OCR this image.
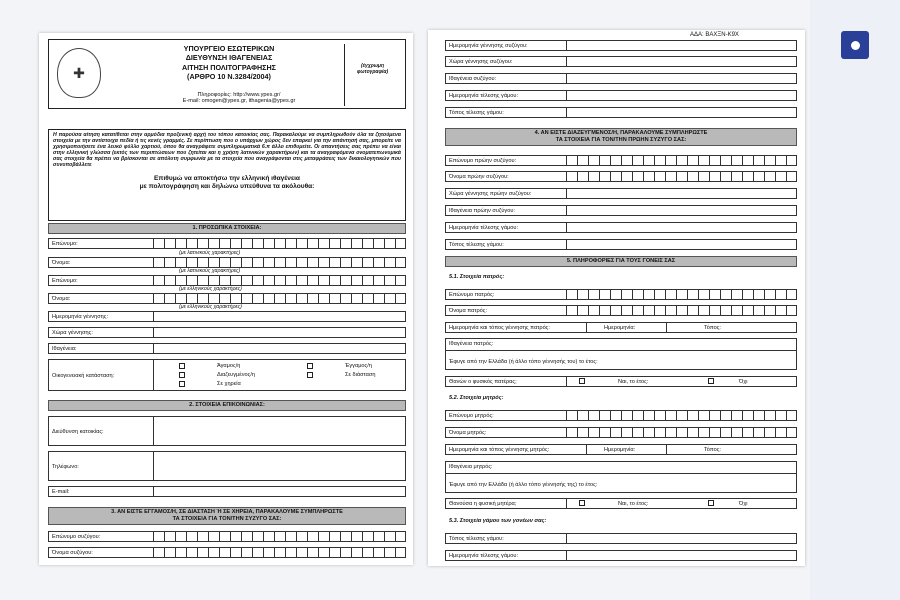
✚
ΥΠΟΥΡΓΕΙΟ ΕΣΩΤΕΡΙΚΩΝ
ΔΙΕΥΘΥΝΣΗ ΙΘΑΓΕΝΕΙΑΣ
ΑΙΤΗΣΗ ΠΟΛΙΤΟΓΡΑΦΗΣΗΣ
(ΑΡΘΡΟ 10 Ν.3284/2004)
(έγχρωμη φωτογραφία)
Πληροφορίες: http://www.ypes.gr/
E-mail: omogen@ypes.gr, ithagenia@ypes.gr
Η παρούσα αίτηση κατατίθεται στην αρμόδια προξενική αρχή του τόπου κατοικίας σας. Παρακαλούμε να συμπληρωθούν όλα τα ζητούμενα στοιχεία με την αντίστοιχα πεδία ή τις κενές γραμμές. Σε περίπτωση που ο υπάρχων χώρος δεν επαρκεί για την απάντησή σας, μπορείτε να χρησιμοποιήσετε ένα λευκό φύλλο χαρτιού, όπου θα αναγράφετε συμπληρωματικά 6.π άλλο επιθυμείτε. Οι απαντήσεις σας πρέπει να είναι στην ελληνική γλώσσα (εκτός των περιπτώσεων που ζητείται και η χρήση λατινικών χαρακτήρων) και τα αναγραφόμενα ονοματεπωνυμικά σας στοιχεία θα πρέπει να βρίσκονται σε απόλυτη συμφωνία με τα στοιχεία που αναγράφονται στις μεταφράσεις των δικαιολογητικών που συνυποβάλλετε
Επιθυμώ να αποκτήσω την ελληνική ιθαγένεια
με πολιτογράφηση και δηλώνω υπεύθυνα τα ακόλουθα:
1. ΠΡΟΣΩΠΙΚΑ ΣΤΟΙΧΕΙΑ:
Επώνυμο:
(με λατινικούς χαρακτήρες)
Όνομα:
(με λατινικούς χαρακτήρες)
Επώνυμο:
(με ελληνικούς χαρακτήρες)
Όνομα:
(με ελληνικούς χαρακτήρες)
Ημερομηνία γέννησης:
Χώρα γέννησης:
Ιθαγένεια:
Οικογενειακή κατάσταση:
Άγαμος/η	Έγγαμος/η
Διαζευγμένος/η	Σε διάσταση
Σε χηρεία
2. ΣΤΟΙΧΕΙΑ ΕΠΙΚΟΙΝΩΝΙΑΣ:
Διεύθυνση κατοικίας:
Τηλέφωνο:
E-mail:
3. ΑΝ ΕΙΣΤΕ ΕΓΓΑΜΟΣ/Η, ΣΕ ΔΙΑΣΤΑΣΗ Ή ΣΕ ΧΗΡΕΙΑ, ΠΑΡΑΚΑΛΟΥΜΕ ΣΥΜΠΛΗΡΩΣΤΕ
ΤΑ ΣΤΟΙΧΕΙΑ ΓΙΑ ΤΟΝ/ΤΗΝ ΣΥΖΥΓΟ ΣΑΣ:
Επώνυμο συζύγου:
Όνομα συζύγου:
ΑΔΑ: ΒΑΧΞΝ-Κ9Χ
Ημερομηνία γέννησης συζύγου:
Χώρα γέννησης συζύγου:
Ιθαγένεια συζύγου:
Ημερομηνία τέλεσης γάμου:
Τόπος τέλεσης γάμου:
4. ΑΝ ΕΙΣΤΕ ΔΙΑΖΕΥΓΜΕΝΟΣ/Η, ΠΑΡΑΚΑΛΟΥΜΕ ΣΥΜΠΛΗΡΩΣΤΕ
ΤΑ ΣΤΟΙΧΕΙΑ ΓΙΑ ΤΟΝ/ΤΗΝ ΠΡΩΗΝ ΣΥΖΥΓΟ ΣΑΣ:
Επώνυμο πρώην συζύγου:
Όνομα πρώην συζύγου:
Χώρα γέννησης πρώην συζύγου:
Ιθαγένεια πρώην συζύγου:
Ημερομηνία τέλεσης γάμου:
Τόπος τέλεσης γάμου:
5. ΠΛΗΡΟΦΟΡΙΕΣ ΓΙΑ ΤΟΥΣ ΓΟΝΕΙΣ ΣΑΣ
5.1. Στοιχεία πατρός:
Επώνυμο πατρός:
Όνομα πατρός:
Ημερομηνία και τόπος γέννησης πατρός:	Ημερομηνία:	Τόπος:
Ιθαγένεια πατρός:
Έφυγε από την Ελλάδα (ή άλλο τόπο γέννησής του) το έτος:
Θανών ο φυσικός πατέρας;	Ναι, το έτος:	Όχι
5.2. Στοιχεία μητρός:
Επώνυμο μητρός:
Όνομα μητρός:
Ημερομηνία και τόπος γέννησης μητρός:	Ημερομηνία:	Τόπος:
Ιθαγένεια μητρός:
Έφυγε από την Ελλάδα (ή άλλο τόπο γέννησής της) το έτος:
Θανούσα η φυσική μητέρα;	Ναι, το έτος:	Όχι
5.3. Στοιχεία γάμου των γονέων σας:
Τόπος τέλεσης γάμου:
Ημερομηνία τέλεσης γάμου:
